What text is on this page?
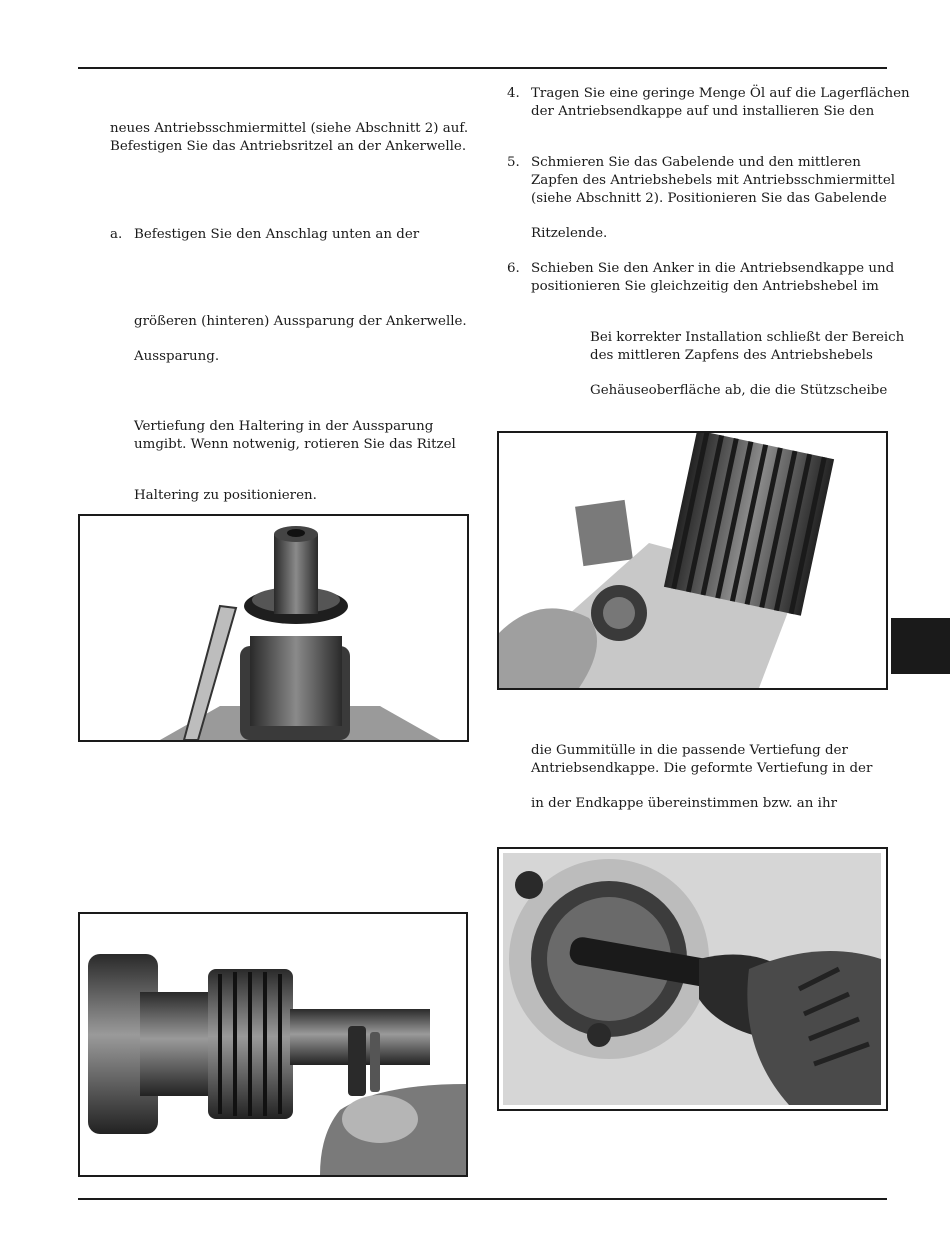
neues Antriebsschmiermittel (siehe Abschnitt 2) auf.
Befestigen Sie das Antriebsritzel an der Ankerwelle.
a. Befestigen Sie den Anschlag unten an der
größeren (hinteren) Aussparung der Ankerwelle.
Aussparung.
Vertiefung den Haltering in der Aussparung
umgibt. Wenn notwenig, rotieren Sie das Ritzel
Haltering zu positionieren.
4. Tragen Sie eine geringe Menge Öl auf die Lagerflächen
der Antriebsendkappe auf und installieren Sie den
5. Schmieren Sie das Gabelende und den mittleren
Zapfen des Antriebshebels mit Antriebsschmiermittel
(siehe Abschnitt 2). Positionieren Sie das Gabelende
Ritzelende.
6. Schieben Sie den Anker in die Antriebsendkappe und
positionieren Sie gleichzeitig den Antriebshebel im
Bei korrekter Installation schließt der Bereich
des mittleren Zapfens des Antriebshebels
Gehäuseoberfläche ab, die die Stützscheibe
die Gummitülle in die passende Vertiefung der
Antriebsendkappe. Die geformte Vertiefung in der
in der Endkappe übereinstimmen bzw. an ihr
